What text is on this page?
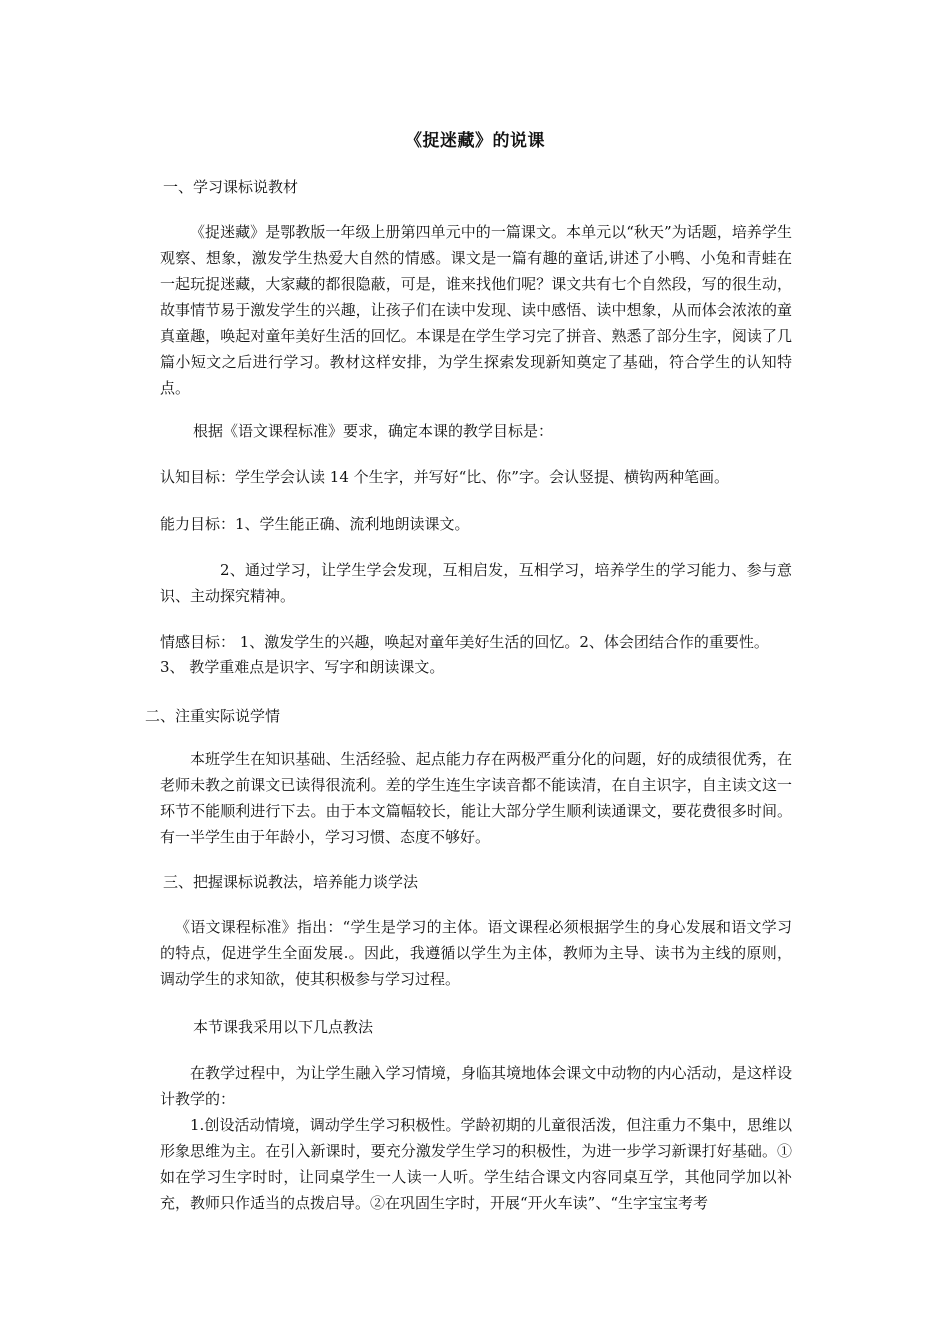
《捉迷藏》的说课
一、学习课标说教材
《捉迷藏》是鄂教版一年级上册第四单元中的一篇课文。本单元以“秋天”为话题，培养学生观察、想象，激发学生热爱大自然的情感。课文是一篇有趣的童话,讲述了小鸭、小兔和青蛙在一起玩捉迷藏，大家藏的都很隐蔽，可是，谁来找他们呢？课文共有七个自然段，写的很生动，故事情节易于激发学生的兴趣，让孩子们在读中发现、读中感悟、读中想象，从而体会浓浓的童真童趣，唤起对童年美好生活的回忆。本课是在学生学习完了拼音、熟悉了部分生字，阅读了几篇小短文之后进行学习。教材这样安排，为学生探索发现新知奠定了基础，符合学生的认知特点。
根据《语文课程标准》要求，确定本课的教学目标是：
认知目标：学生学会认读 14 个生字，并写好“比、你”字。会认竖提、横钩两种笔画。
能力目标：1、学生能正确、流利地朗读课文。
2、通过学习，让学生学会发现，互相启发，互相学习，培养学生的学习能力、参与意识、主动探究精神。
情感目标： 1、激发学生的兴趣，唤起对童年美好生活的回忆。2、体会团结合作的重要性。
3、 教学重难点是识字、写字和朗读课文。
二、注重实际说学情
本班学生在知识基础、生活经验、起点能力存在两极严重分化的问题，好的成绩很优秀，在老师未教之前课文已读得很流利。差的学生连生字读音都不能读清，在自主识字，自主读文这一环节不能顺利进行下去。由于本文篇幅较长，能让大部分学生顺利读通课文，要花费很多时间。有一半学生由于年龄小，学习习惯、态度不够好。
三、把握课标说教法，培养能力谈学法
《语文课程标准》指出：“学生是学习的主体。语文课程必须根据学生的身心发展和语文学习的特点，促进学生全面发展.。因此，我遵循以学生为主体，教师为主导、读书为主线的原则，调动学生的求知欲，使其积极参与学习过程。
本节课我采用以下几点教法
在教学过程中，为让学生融入学习情境，身临其境地体会课文中动物的内心活动，是这样设计教学的：
1.创设活动情境，调动学生学习积极性。学龄初期的儿童很活泼，但注重力不集中，思维以形象思维为主。在引入新课时，要充分激发学生学习的积极性，为进一步学习新课打好基础。①如在学习生字时时，让同桌学生一人读一人听。学生结合课文内容同桌互学，其他同学加以补充，教师只作适当的点拨启导。②在巩固生字时，开展“开火车读”、“生字宝宝考考
